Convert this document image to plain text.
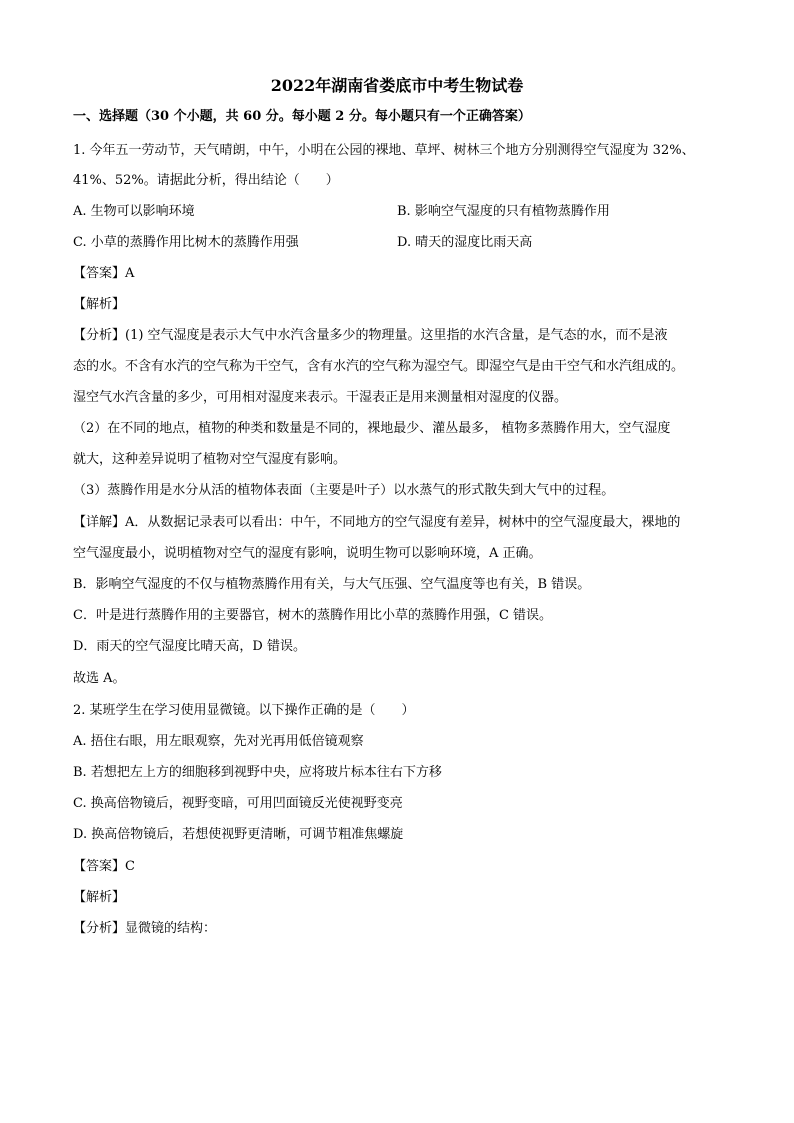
2022年湖南省娄底市中考生物试卷
一、选择题（30 个小题，共 60 分。每小题 2 分。每小题只有一个正确答案）
1. 今年五一劳动节，天气晴朗，中午，小明在公园的裸地、草坪、树林三个地方分别测得空气湿度为 32%、
41%、52%。请据此分析，得出结论（　　）
A. 生物可以影响环境	B. 影响空气湿度的只有植物蒸腾作用
C. 小草的蒸腾作用比树木的蒸腾作用强	D. 晴天的湿度比雨天高
【答案】A
【解析】
【分析】(1) 空气湿度是表示大气中水汽含量多少的物理量。这里指的水汽含量，是气态的水，而不是液
态的水。不含有水汽的空气称为干空气，含有水汽的空气称为湿空气。即湿空气是由干空气和水汽组成的。
湿空气水汽含量的多少，可用相对湿度来表示。干湿表正是用来测量相对湿度的仪器。
（2）在不同的地点，植物的种类和数量是不同的，裸地最少、灌丛最多， 植物多蒸腾作用大，空气湿度
就大，这种差异说明了植物对空气湿度有影响。
（3）蒸腾作用是水分从活的植物体表面（主要是叶子）以水蒸气的形式散失到大气中的过程。
【详解】A．从数据记录表可以看出：中午，不同地方的空气湿度有差异，树林中的空气湿度最大，裸地的
空气湿度最小，说明植物对空气的湿度有影响，说明生物可以影响环境，A 正确。
B．影响空气湿度的不仅与植物蒸腾作用有关，与大气压强、空气温度等也有关，B 错误。
C．叶是进行蒸腾作用的主要器官，树木的蒸腾作用比小草的蒸腾作用强，C 错误。
D．雨天的空气湿度比晴天高，D 错误。
故选 A。
2. 某班学生在学习使用显微镜。以下操作正确的是（　　）
A. 捂住右眼，用左眼观察，先对光再用低倍镜观察
B. 若想把左上方的细胞移到视野中央，应将玻片标本往右下方移
C. 换高倍物镜后，视野变暗，可用凹面镜反光使视野变亮
D. 换高倍物镜后，若想使视野更清晰，可调节粗准焦螺旋
【答案】C
【解析】
【分析】显微镜的结构：
